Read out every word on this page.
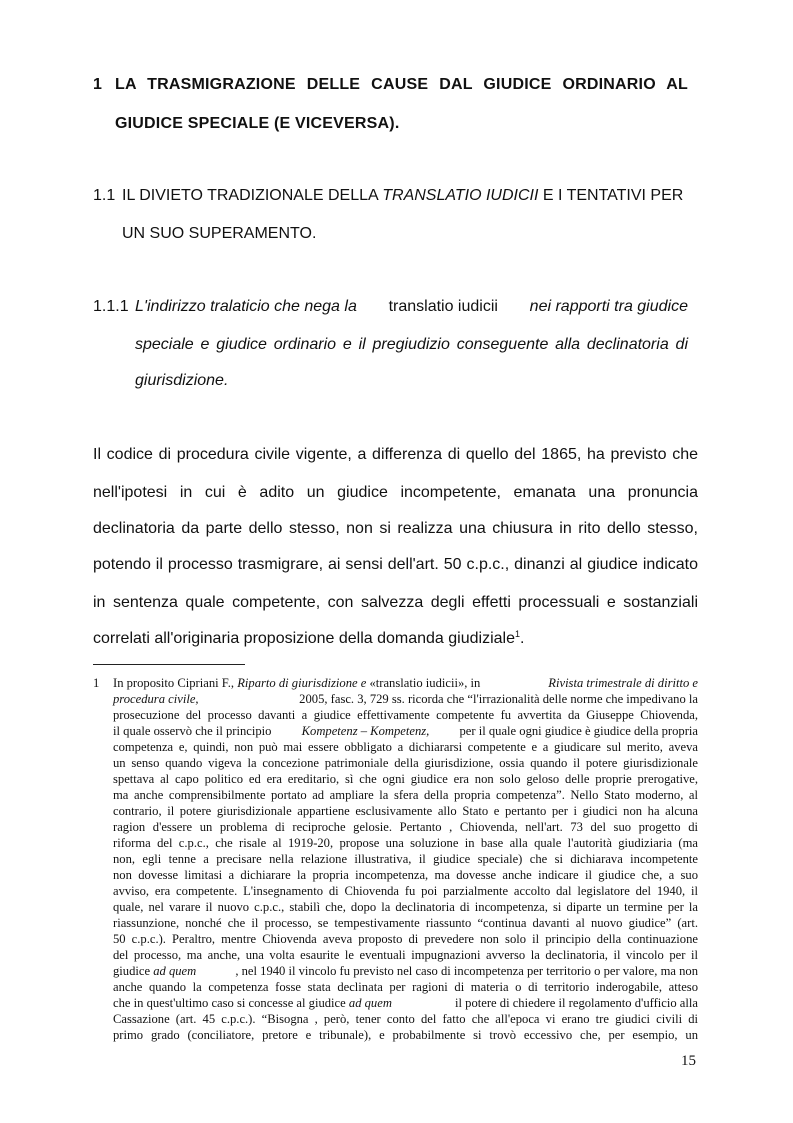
1 LA TRASMIGRAZIONE DELLE CAUSE DAL GIUDICE ORDINARIO AL
GIUDICE SPECIALE (E VICEVERSA).
1.1 IL DIVIETO TRADIZIONALE DELLA TRANSLATIO IUDICII E I TENTATIVI PER
UN SUO SUPERAMENTO.
1.1.1 L'indirizzo tralaticio che nega la translatio iudicii nei rapporti tra giudice
speciale e giudice ordinario e il pregiudizio conseguente alla declinatoria di
giurisdizione.
Il codice di procedura civile vigente, a differenza di quello del 1865, ha previsto che
nell'ipotesi in cui è adito un giudice incompetente, emanata una pronuncia
declinatoria da parte dello stesso, non si realizza una chiusura in rito dello stesso,
potendo il processo trasmigrare, ai sensi dell'art. 50 c.p.c., dinanzi al giudice indicato
in sentenza quale competente, con salvezza degli effetti processuali e sostanziali
correlati all'originaria proposizione della domanda giudiziale$^1$.
1 In proposito Cipriani F., Riparto di giurisdizione e «translatio iudicii», in	Rivista trimestrale di diritto e
procedura civile,	2005, fasc. 3, 729 ss. ricorda che “l'irrazionalità delle norme che impedivano la
prosecuzione del processo davanti a giudice effettivamente competente fu avvertita da Giuseppe Chiovenda,
il quale osservò che il principio Kompetenz – Kompetenz, per il quale ogni giudice è giudice della propria
competenza e, quindi, non può mai essere obbligato a dichiararsi competente e a giudicare sul merito, aveva
un senso quando vigeva la concezione patrimoniale della giurisdizione, ossia quando il potere giurisdizionale
spettava al capo politico ed era ereditario, sì che ogni giudice era non solo geloso delle proprie prerogative,
ma anche comprensibilmente portato ad ampliare la sfera della propria competenza”. Nello Stato moderno, al
contrario, il potere giurisdizionale appartiene esclusivamente allo Stato e pertanto per i giudici non ha alcuna
ragion d'essere un problema di reciproche gelosie. Pertanto , Chiovenda, nell'art. 73 del suo progetto di
riforma del c.p.c., che risale al 1919-20, propose una soluzione in base alla quale l'autorità giudiziaria (ma
non, egli tenne a precisare nella relazione illustrativa, il giudice speciale) che si dichiarava incompetente
non dovesse limitasi a dichiarare la propria incompetenza, ma dovesse anche indicare il giudice che, a suo
avviso, era competente. L'insegnamento di Chiovenda fu poi parzialmente accolto dal legislatore del 1940, il
quale, nel varare il nuovo c.p.c., stabilì che, dopo la declinatoria di incompetenza, si dipartе un termine per la
riassunzione, nonché che il processo, se tempestivamente riassunto “continua davanti al nuovo giudice” (art.
50 c.p.c.). Peraltro, mentre Chiovenda aveva proposto di prevedere non solo il principio della continuazione
del processo, ma anche, una volta esaurite le eventuali impugnazioni avverso la declinatoria, il vincolo per il
giudice ad quem	, nel 1940 il vincolo fu previsto nel caso di incompetenza per territorio o per valore, ma non
anche quando la competenza fosse stata declinata per ragioni di materia o di territorio inderogabile, atteso
che in quest'ultimo caso si concesse al giudice ad quem	il potere di chiedere il regolamento d'ufficio alla
Cassazione (art. 45 c.p.c.). “Bisogna , però, tener conto del fatto che all'epoca vi erano tre giudici civili di
primo grado (conciliatore, pretore e tribunale), e probabilmente si trovò eccessivo che, per esempio, un
15
